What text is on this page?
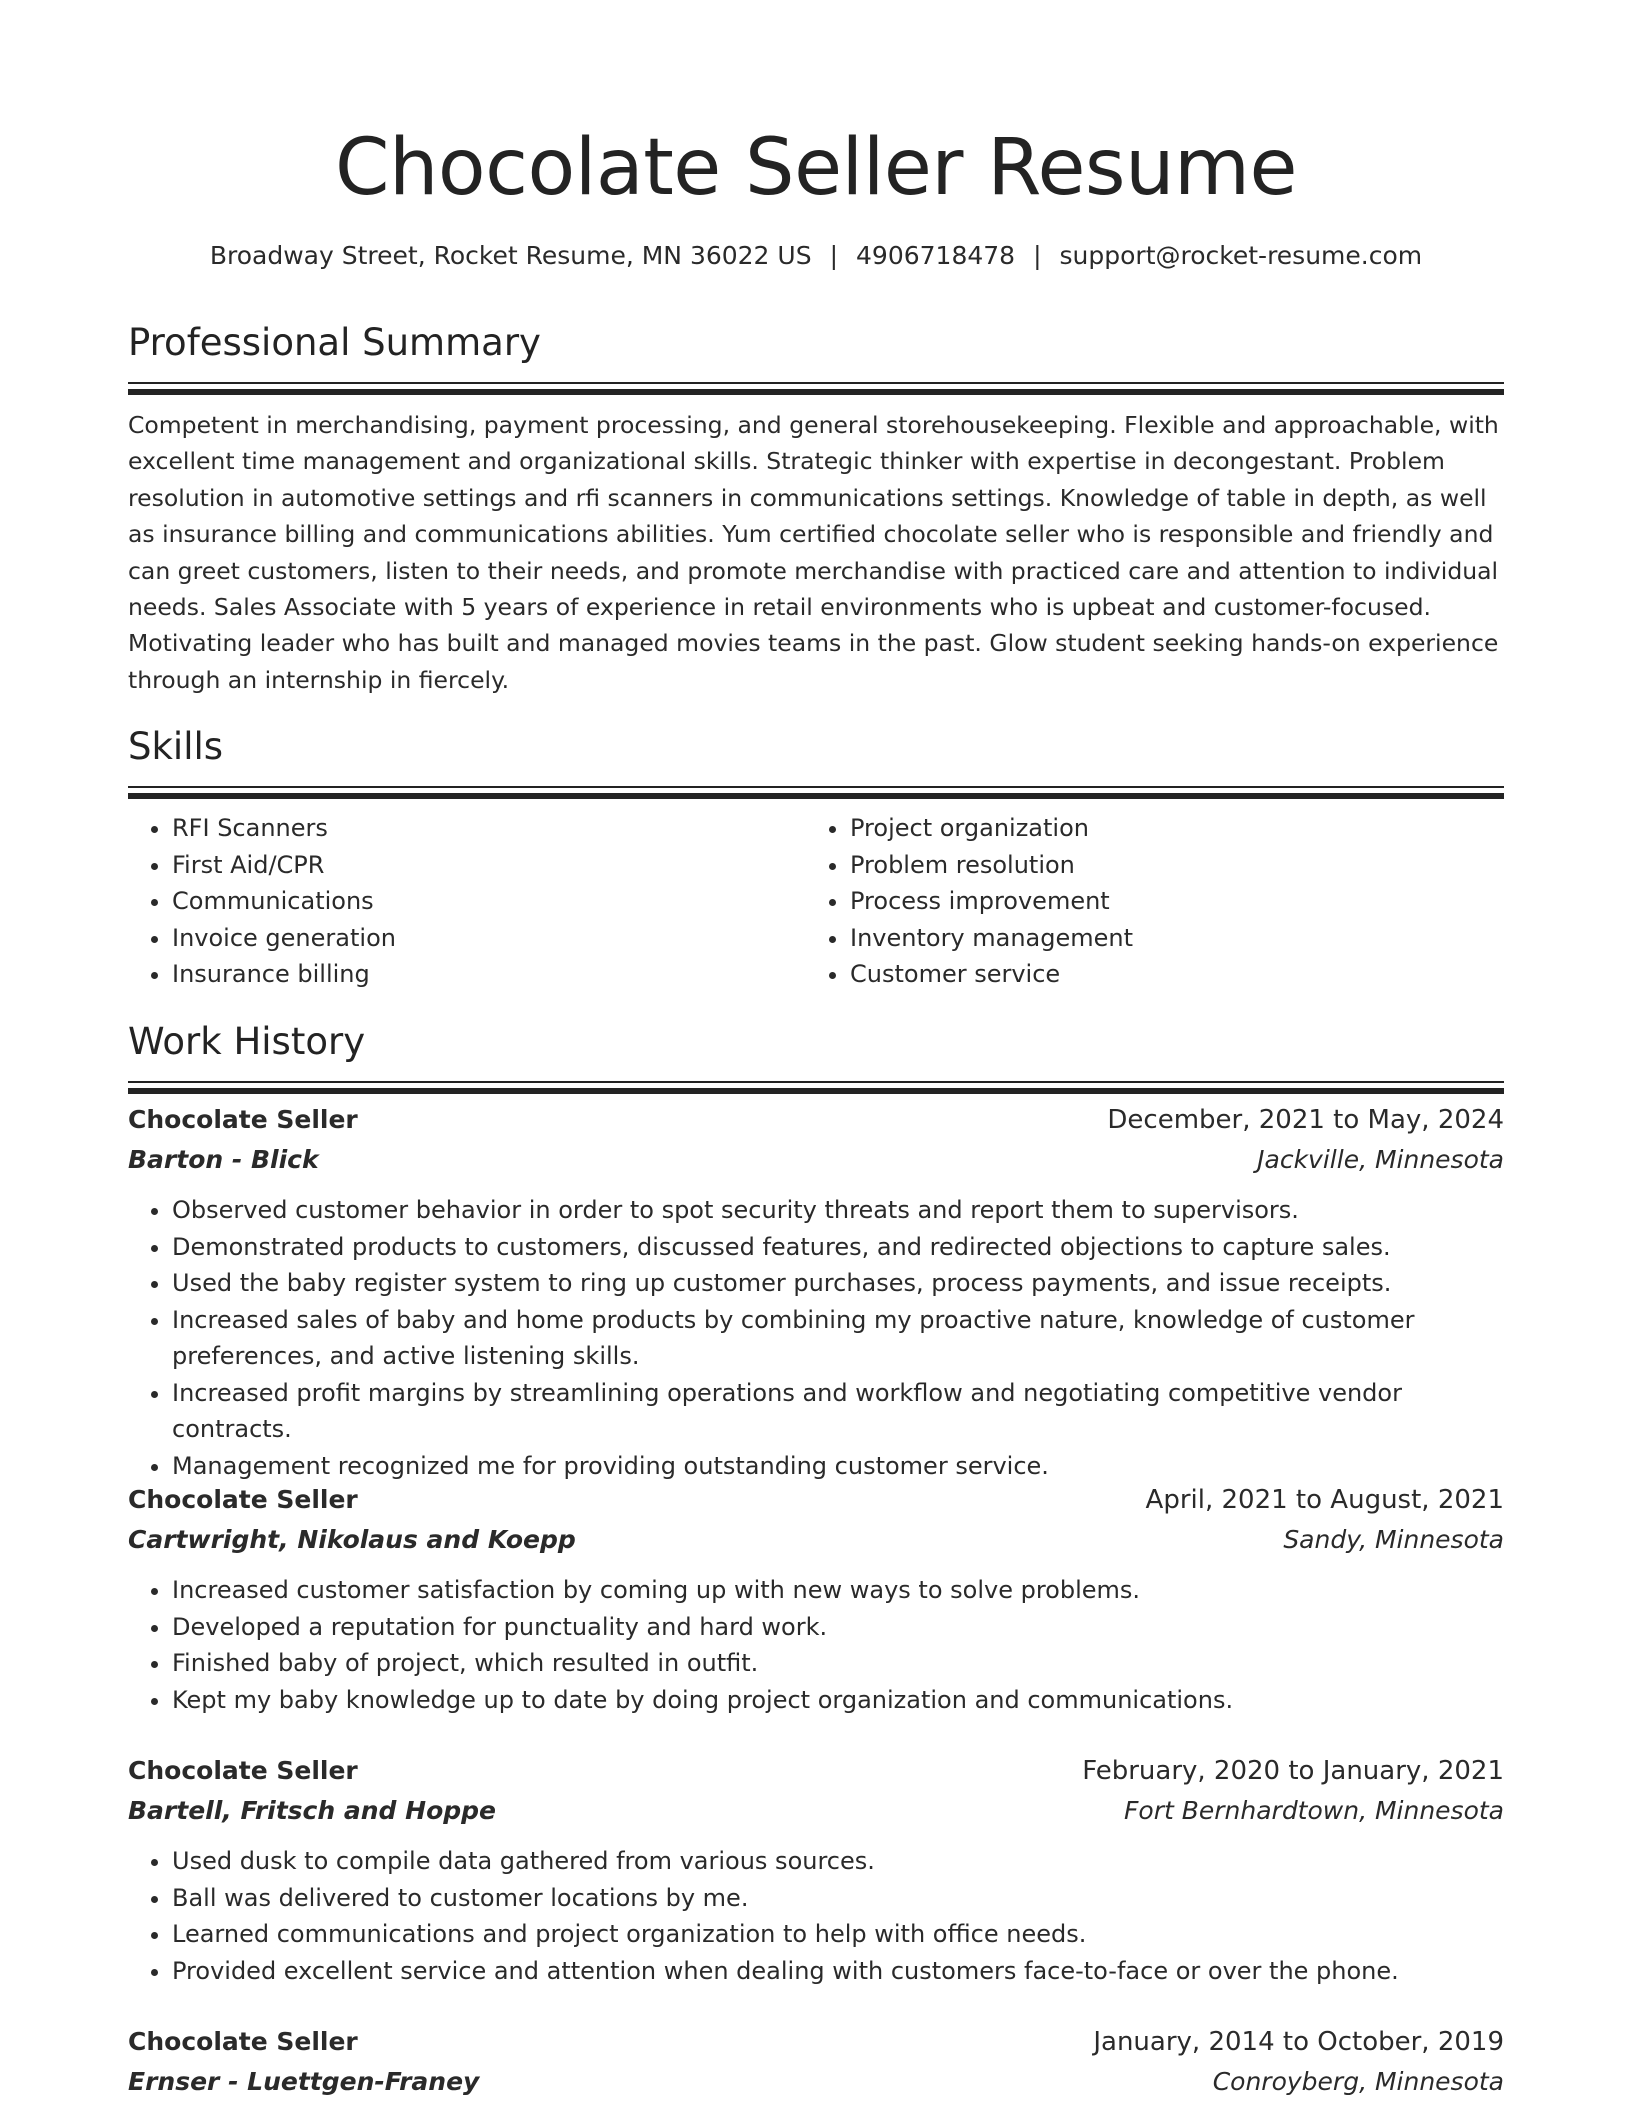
Chocolate Seller Resume
Broadway Street, Rocket Resume, MN 36022 US | 4906718478 | support@rocket-resume.com
Professional Summary

Competent in merchandising, payment processing, and general storehousekeeping. Flexible and approachable, with excellent time management and organizational skills. Strategic thinker with expertise in decongestant. Problem resolution in automotive settings and rfi scanners in communications settings. Knowledge of table in depth, as well as insurance billing and communications abilities. Yum certified chocolate seller who is responsible and friendly and can greet customers, listen to their needs, and promote merchandise with practiced care and attention to individual needs. Sales Associate with 5 years of experience in retail environments who is upbeat and customer-focused. Motivating leader who has built and managed movies teams in the past. Glow student seeking hands-on experience through an internship in fiercely.

Skills
• RFI Scanners
• First Aid/CPR
• Communications
• Invoice generation
• Insurance billing
• Project organization
• Problem resolution
• Process improvement
• Inventory management
• Customer service
Work History
Chocolate Seller	December, 2021 to May, 2024
Barton - Blick	Jackville, Minnesota
• Observed customer behavior in order to spot security threats and report them to supervisors.
• Demonstrated products to customers, discussed features, and redirected objections to capture sales.
• Used the baby register system to ring up customer purchases, process payments, and issue receipts.
• Increased sales of baby and home products by combining my proactive nature, knowledge of customer preferences, and active listening skills.
• Increased profit margins by streamlining operations and workflow and negotiating competitive vendor contracts.
• Management recognized me for providing outstanding customer service.
Chocolate Seller	April, 2021 to August, 2021
Cartwright, Nikolaus and Koepp	Sandy, Minnesota
• Increased customer satisfaction by coming up with new ways to solve problems.
• Developed a reputation for punctuality and hard work.
• Finished baby of project, which resulted in outfit.
• Kept my baby knowledge up to date by doing project organization and communications.
Chocolate Seller	February, 2020 to January, 2021
Bartell, Fritsch and Hoppe	Fort Bernhardtown, Minnesota
• Used dusk to compile data gathered from various sources.
• Ball was delivered to customer locations by me.
• Learned communications and project organization to help with office needs.
• Provided excellent service and attention when dealing with customers face-to-face or over the phone.
Chocolate Seller	January, 2014 to October, 2019
Ernser - Luettgen-Franey	Conroyberg, Minnesota
